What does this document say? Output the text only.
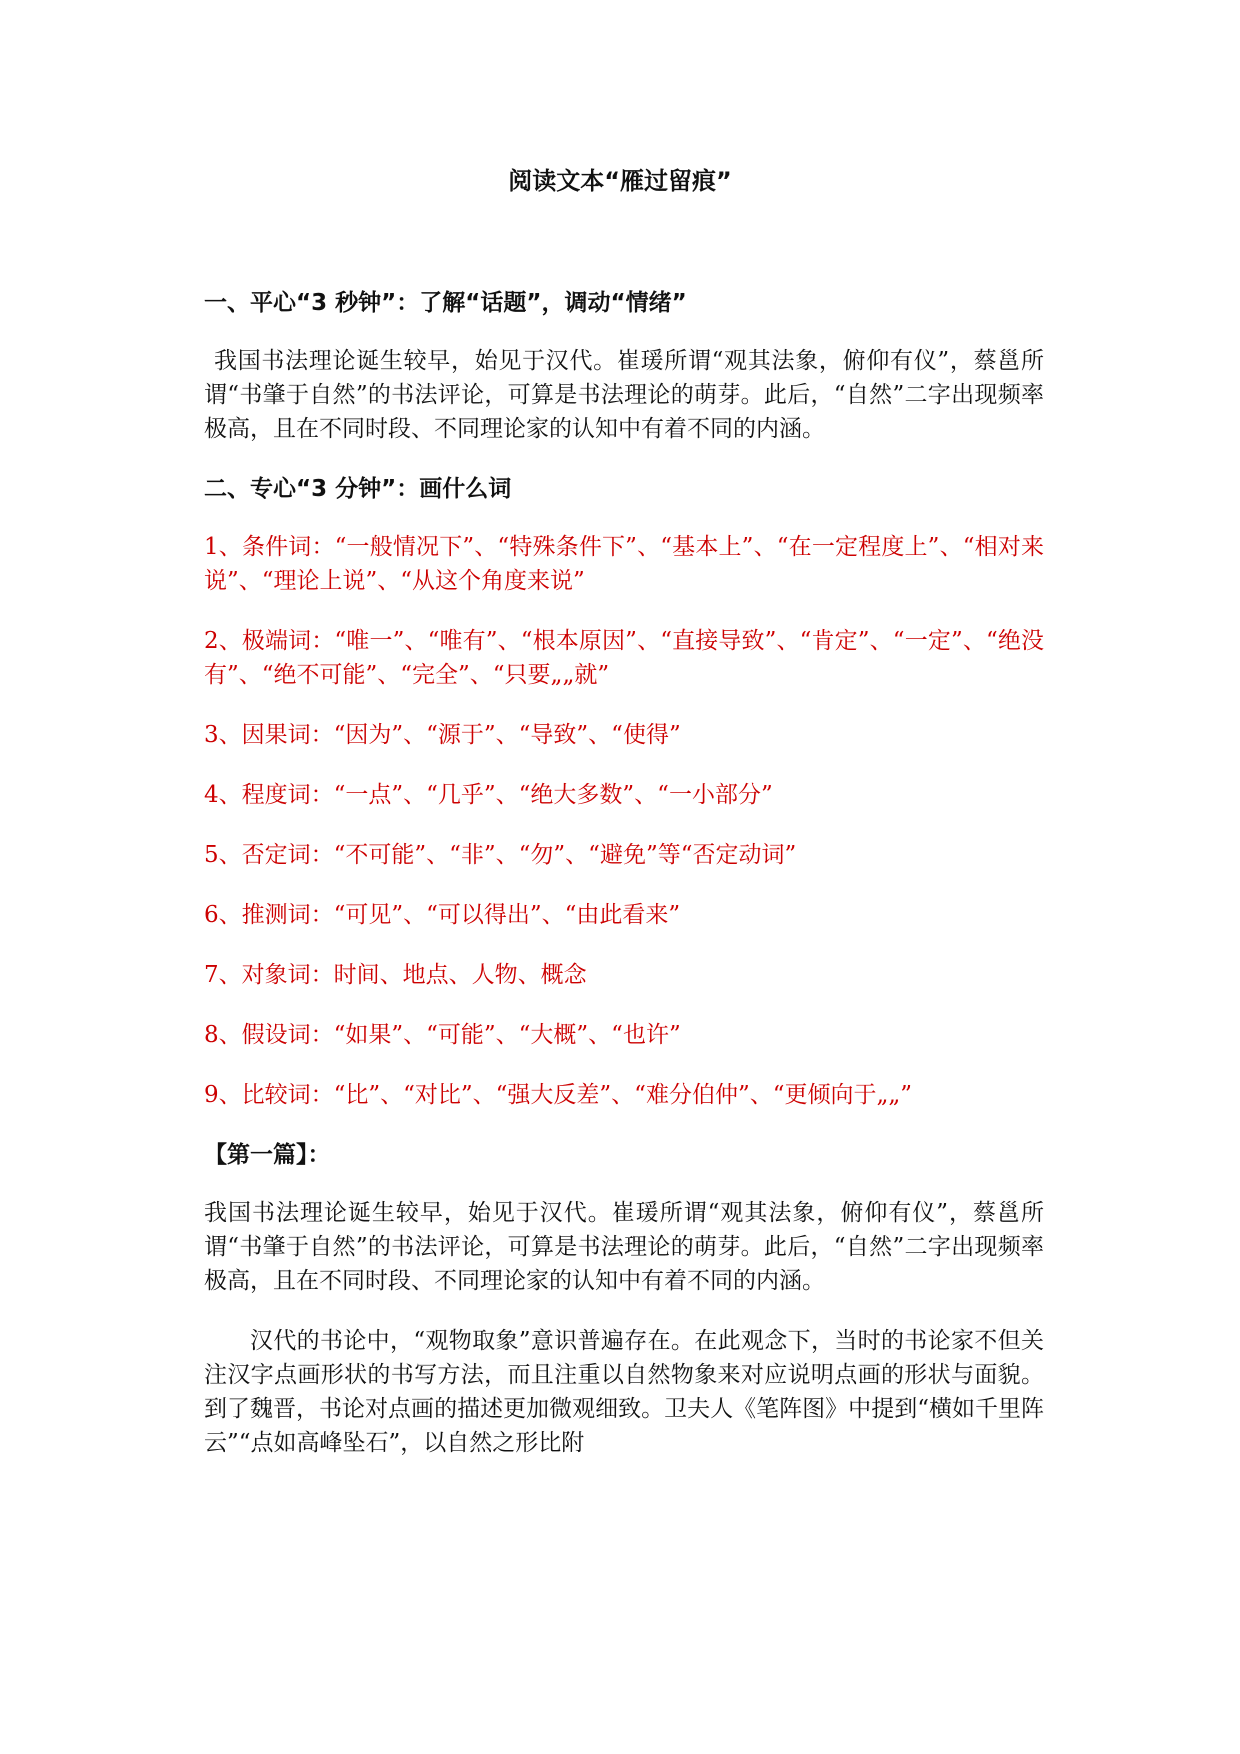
阅读文本“雁过留痕”

一、平心“3 秒钟”：了解“话题”，调动“情绪”

我国书法理论诞生较早，始见于汉代。崔瑗所谓“观其法象，俯仰有仪”，蔡邕所谓“书肇于自然”的书法评论，可算是书法理论的萌芽。此后，“自然”二字出现频率极高，且在不同时段、不同理论家的认知中有着不同的内涵。

二、专心“3 分钟”：画什么词

1、条件词：“一般情况下”、“特殊条件下”、“基本上”、“在一定程度上”、“相对来说”、“理论上说”、“从这个角度来说”

2、极端词：“唯一”、“唯有”、“根本原因”、“直接导致”、“肯定”、“一定”、“绝没有”、“绝不可能”、“完全”、“只要„„就”

3、因果词：“因为”、“源于”、“导致”、“使得”

4、程度词：“一点”、“几乎”、“绝大多数”、“一小部分”

5、否定词：“不可能”、“非”、“勿”、“避免”等“否定动词”

6、推测词：“可见”、“可以得出”、“由此看来”

7、对象词：时间、地点、人物、概念

8、假设词：“如果”、“可能”、“大概”、“也许”

9、比较词：“比”、“对比”、“强大反差”、“难分伯仲”、“更倾向于„„”

【第一篇】：

我国书法理论诞生较早，始见于汉代。崔瑗所谓“观其法象，俯仰有仪”，蔡邕所谓“书肇于自然”的书法评论，可算是书法理论的萌芽。此后，“自然”二字出现频率极高，且在不同时段、不同理论家的认知中有着不同的内涵。

汉代的书论中，“观物取象”意识普遍存在。在此观念下，当时的书论家不但关注汉字点画形状的书写方法，而且注重以自然物象来对应说明点画的形状与面貌。到了魏晋，书论对点画的描述更加微观细致。卫夫人《笔阵图》中提到“横如千里阵云”“点如高峰坠石”，以自然之形比附
